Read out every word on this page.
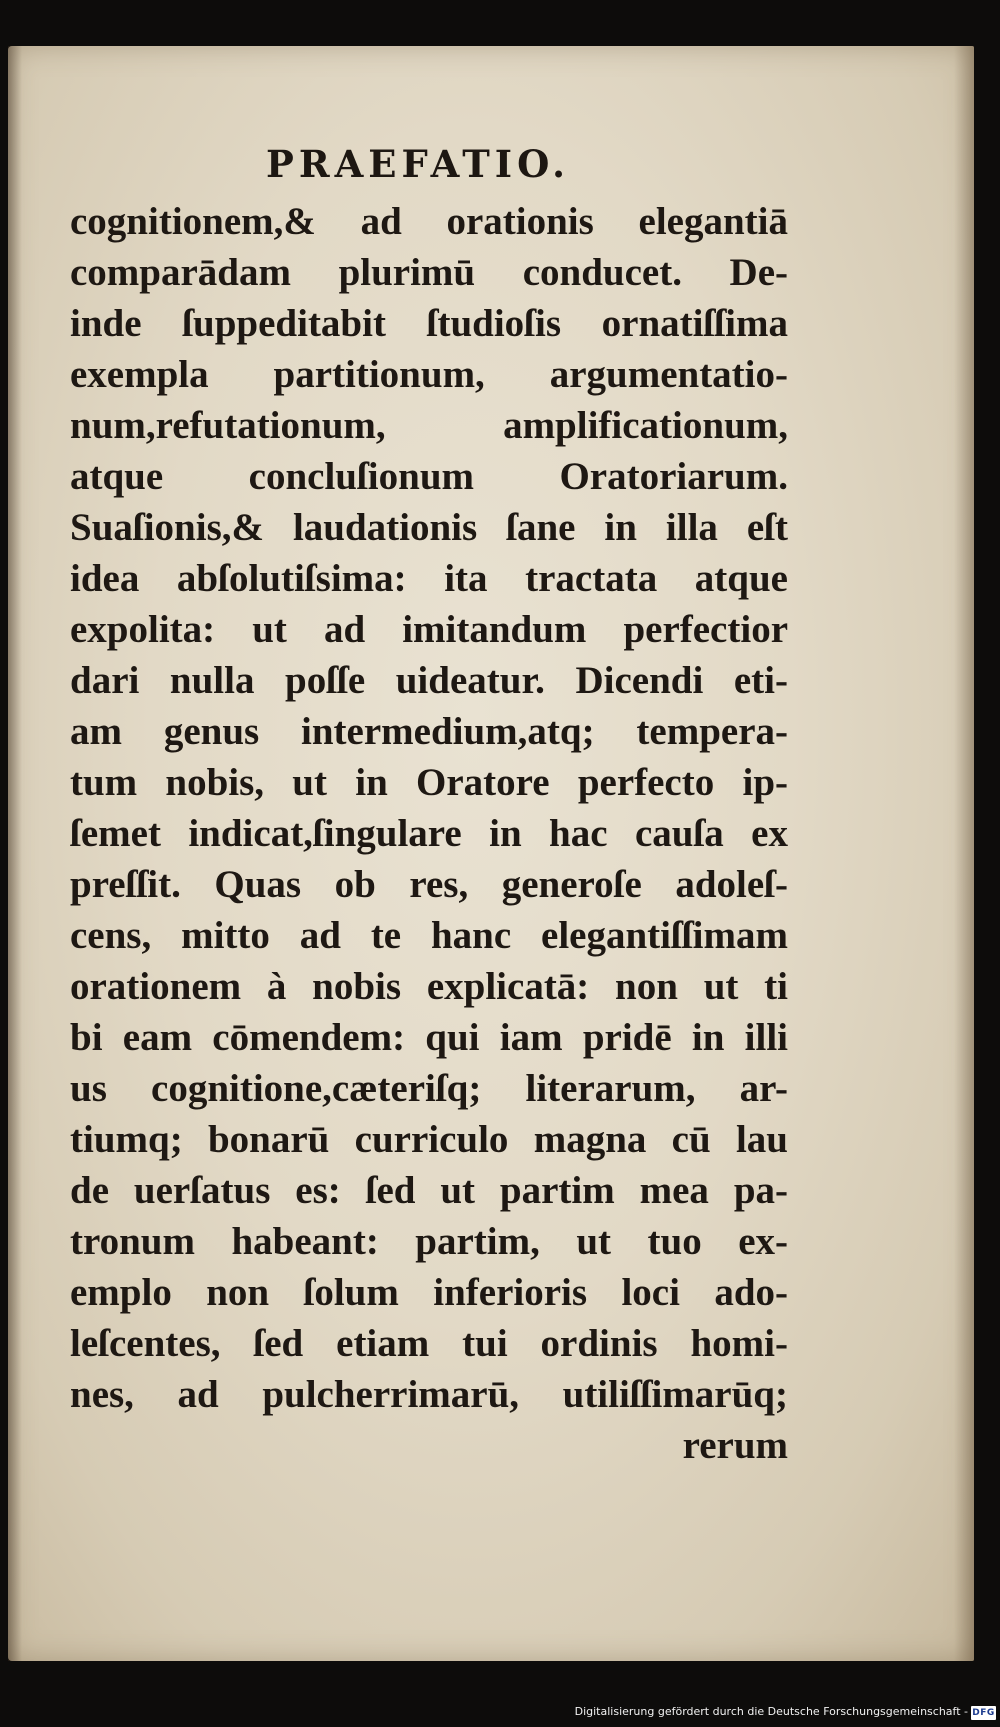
PRAEFATIO.
cognitionem,& ad orationis elegantiā
comparādam plurimū conducet. De-
inde ſuppeditabit ſtudioſis ornatiſſima
exempla partitionum, argumentatio-
num,refutationum, amplificationum,
atque concluſionum Oratoriarum.
Suaſionis,& laudationis ſane in illa eſt
idea abſolutiſsima: ita tractata atque
expolita: ut ad imitandum perfectior
dari nulla poſſe uideatur. Dicendi eti-
am genus intermedium,atq; tempera-
tum nobis, ut in Oratore perfecto ip-
ſemet indicat,ſingulare in hac cauſa ex
preſſit. Quas ob res, generoſe adoleſ-
cens, mitto ad te hanc elegantiſſimam
orationem à nobis explicatā: non ut ti
bi eam cōmendem: qui iam pridē in illi
us cognitione,cæteriſq; literarum, ar-
tiumq; bonarū curriculo magna cū lau
de uerſatus es: ſed ut partim mea pa-
tronum habeant: partim, ut tuo ex-
emplo non ſolum inferioris loci ado-
leſcentes, ſed etiam tui ordinis homi-
nes, ad pulcherrimarū, utiliſſimarūq;
rerum
Digitalisierung gefördert durch die Deutsche Forschungsgemeinschaft - DFG
